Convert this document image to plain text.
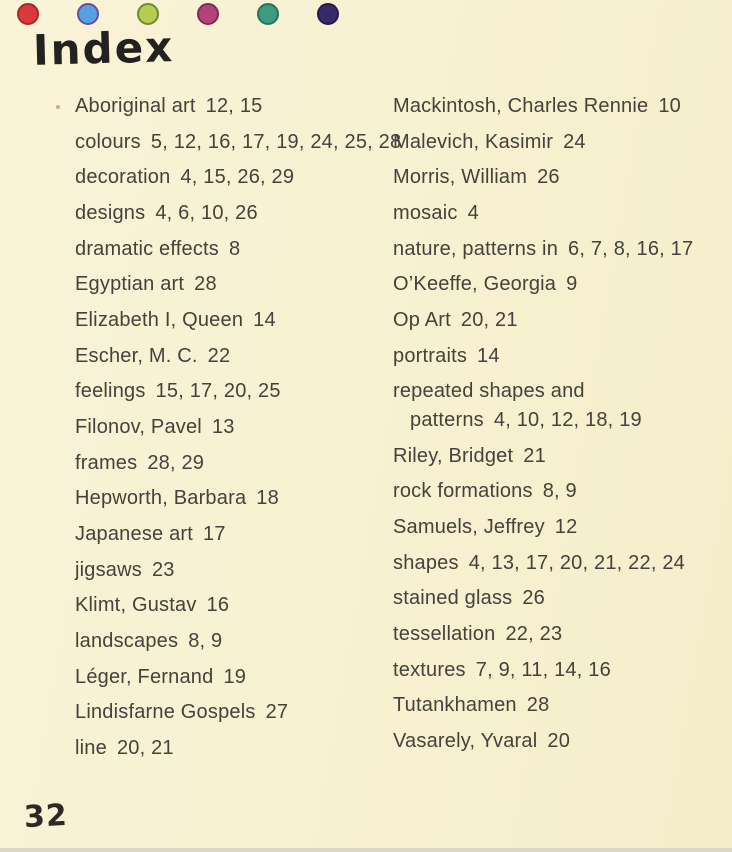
Index
Aboriginal art 12, 15
colours 5, 12, 16, 17, 19, 24, 25, 28
decoration 4, 15, 26, 29
designs 4, 6, 10, 26
dramatic effects 8
Egyptian art 28
Elizabeth I, Queen 14
Escher, M. C. 22
feelings 15, 17, 20, 25
Filonov, Pavel 13
frames 28, 29
Hepworth, Barbara 18
Japanese art 17
jigsaws 23
Klimt, Gustav 16
landscapes 8, 9
Léger, Fernand 19
Lindisfarne Gospels 27
line 20, 21
Mackintosh, Charles Rennie 10
Malevich, Kasimir 24
Morris, William 26
mosaic 4
nature, patterns in 6, 7, 8, 16, 17
O’Keeffe, Georgia 9
Op Art 20, 21
portraits 14
repeated shapes and
patterns 4, 10, 12, 18, 19
Riley, Bridget 21
rock formations 8, 9
Samuels, Jeffrey 12
shapes 4, 13, 17, 20, 21, 22, 24
stained glass 26
tessellation 22, 23
textures 7, 9, 11, 14, 16
Tutankhamen 28
Vasarely, Yvaral 20
32
